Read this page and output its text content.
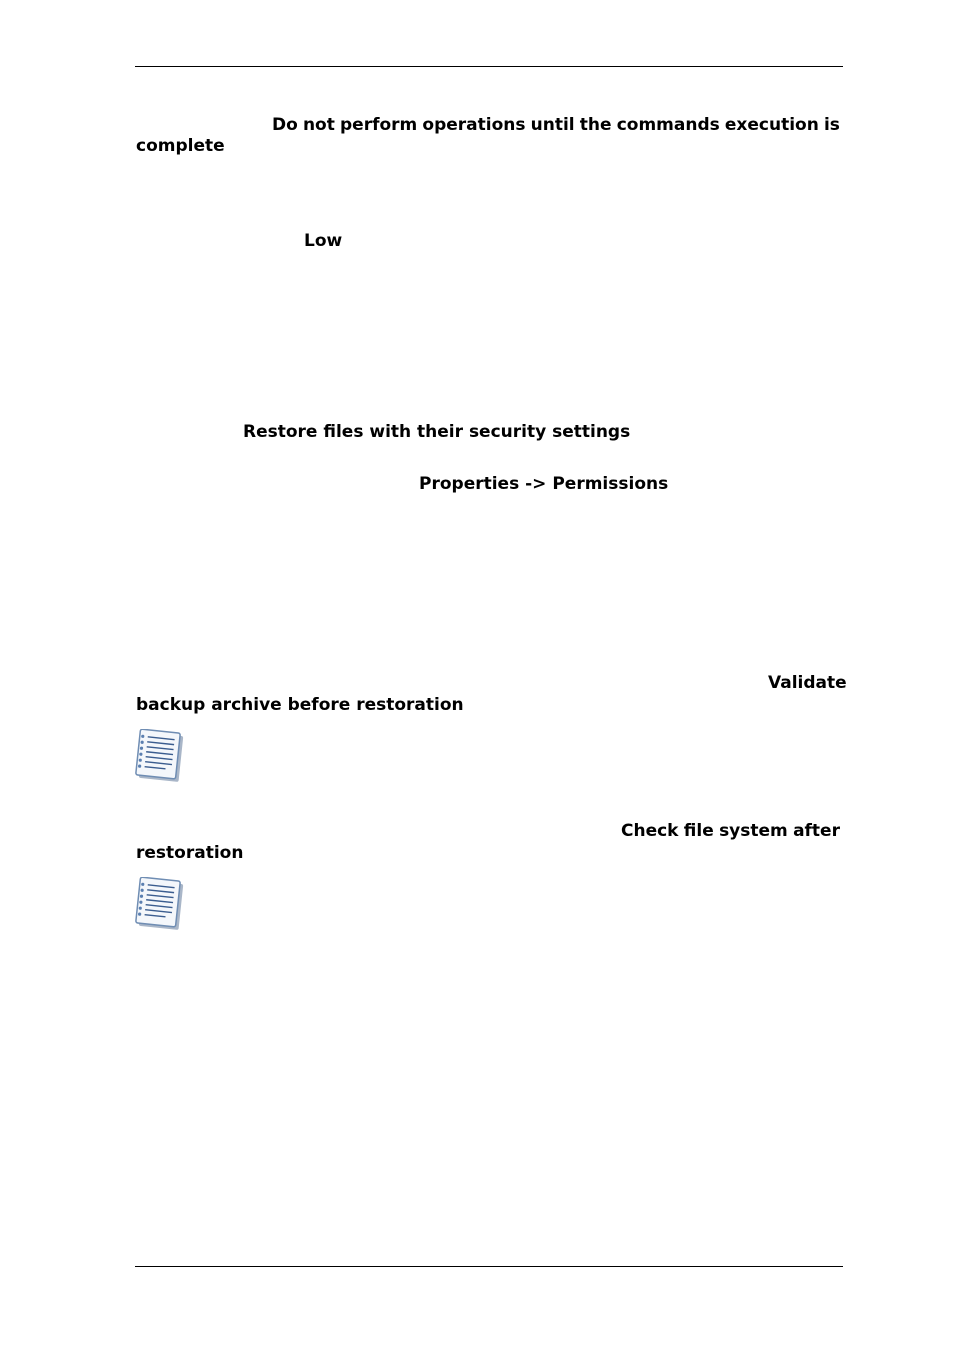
Do not perform operations until the commands execution is
complete
Low
Restore files with their security settings
Properties -> Permissions
Validate
backup archive before restoration
Check file system after
restoration
